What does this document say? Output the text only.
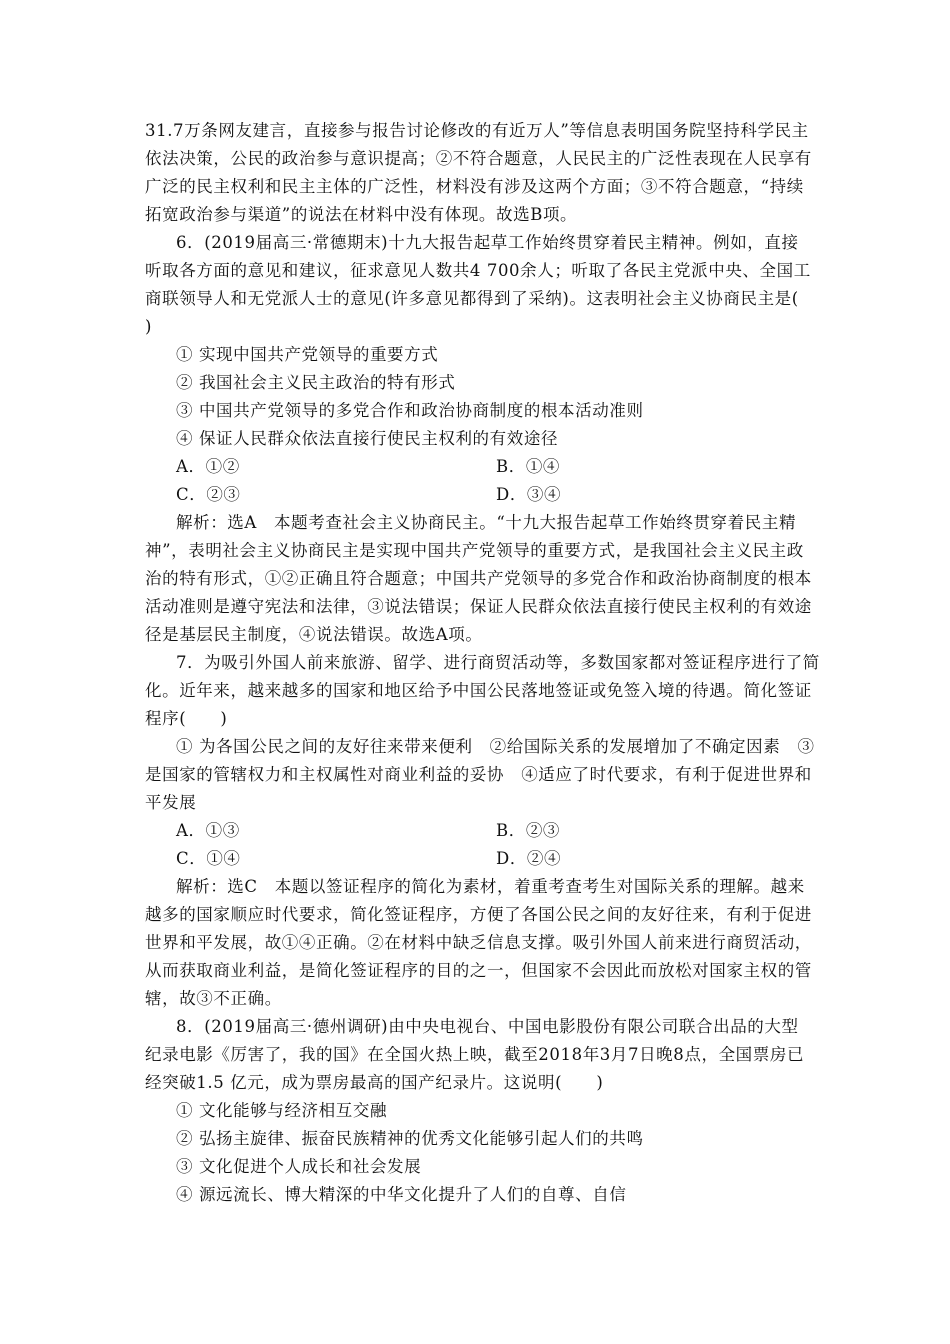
31.7万条网友建言，直接参与报告讨论修改的有近万人”等信息表明国务院坚持科学民主
依法决策，公民的政治参与意识提高；②不符合题意，人民民主的广泛性表现在人民享有
广泛的民主权利和民主主体的广泛性，材料没有涉及这两个方面；③不符合题意，“持续
拓宽政治参与渠道”的说法在材料中没有体现。故选B项。
6．(2019届高三·常德期末)十九大报告起草工作始终贯穿着民主精神。例如，直接
听取各方面的意见和建议，征求意见人数共4 700余人；听取了各民主党派中央、全国工
商联领导人和无党派人士的意见(许多意见都得到了采纳)。这表明社会主义协商民主是(
)
① 实现中国共产党领导的重要方式
② 我国社会主义民主政治的特有形式
③ 中国共产党领导的多党合作和政治协商制度的根本活动准则
④ 保证人民群众依法直接行使民主权利的有效途径
A．①②	B．①④
C．②③	D．③④
解析：选A　本题考查社会主义协商民主。“十九大报告起草工作始终贯穿着民主精
神”，表明社会主义协商民主是实现中国共产党领导的重要方式，是我国社会主义民主政
治的特有形式，①②正确且符合题意；中国共产党领导的多党合作和政治协商制度的根本
活动准则是遵守宪法和法律，③说法错误；保证人民群众依法直接行使民主权利的有效途
径是基层民主制度，④说法错误。故选A项。
7．为吸引外国人前来旅游、留学、进行商贸活动等，多数国家都对签证程序进行了简
化。近年来，越来越多的国家和地区给予中国公民落地签证或免签入境的待遇。简化签证
程序(　　)
① 为各国公民之间的友好往来带来便利　②给国际关系的发展增加了不确定因素　③
是国家的管辖权力和主权属性对商业利益的妥协　④适应了时代要求，有利于促进世界和
平发展
A．①③	B．②③
C．①④	D．②④
解析：选C　本题以签证程序的简化为素材，着重考查考生对国际关系的理解。越来
越多的国家顺应时代要求，简化签证程序，方便了各国公民之间的友好往来，有利于促进
世界和平发展，故①④正确。②在材料中缺乏信息支撑。吸引外国人前来进行商贸活动，
从而获取商业利益，是简化签证程序的目的之一，但国家不会因此而放松对国家主权的管
辖，故③不正确。
8．(2019届高三·德州调研)由中央电视台、中国电影股份有限公司联合出品的大型
纪录电影《厉害了，我的国》在全国火热上映，截至2018年3月7日晚8点，全国票房已
经突破1.5 亿元，成为票房最高的国产纪录片。这说明(　　)
① 文化能够与经济相互交融
② 弘扬主旋律、振奋民族精神的优秀文化能够引起人们的共鸣
③ 文化促进个人成长和社会发展
④ 源远流长、博大精深的中华文化提升了人们的自尊、自信
